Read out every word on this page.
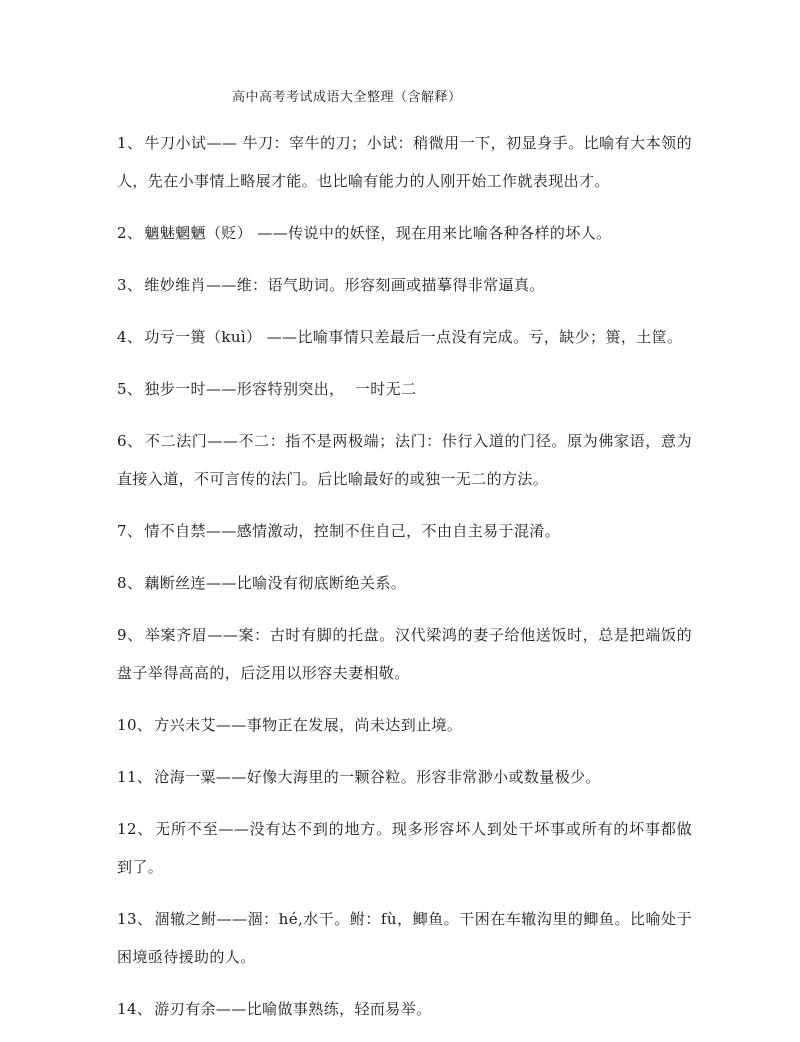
高中高考考试成语大全整理（含解释）

1、 牛刀小试—— 牛刀：宰牛的刀；小试：稍微用一下，初显身手。比喻有大本领的人，先在小事情上略展才能。也比喻有能力的人刚开始工作就表现出才。

2、 魑魅魍魉（贬） ——传说中的妖怪，现在用来比喻各种各样的坏人。

3、 维妙维肖——维：语气助词。形容刻画或描摹得非常逼真。

4、 功亏一篑（kuì） ——比喻事情只差最后一点没有完成。亏，缺少；篑，土筐。

5、 独步一时——形容特别突出，  一时无二

6、 不二法门——不二：指不是两极端；法门：佧行入道的门径。原为佛家语，意为直接入道，不可言传的法门。后比喻最好的或独一无二的方法。

7、 情不自禁——感情激动，控制不住自己，不由自主易于混淆。

8、 藕断丝连——比喻没有彻底断绝关系。

9、 举案齐眉——案：古时有脚的托盘。汉代梁鸿的妻子给他送饭时，总是把端饭的盘子举得高高的，后泛用以形容夫妻相敬。

10、 方兴未艾——事物正在发展，尚未达到止境。

11、 沧海一粟——好像大海里的一颗谷粒。形容非常渺小或数量极少。

12、 无所不至——没有达不到的地方。现多形容坏人到处干坏事或所有的坏事都做到了。

13、 涸辙之鲋——涸：hé,水干。鲋：fù，鲫鱼。干困在车辙沟里的鲫鱼。比喻处于困境亟待援助的人。

14、 游刃有余——比喻做事熟练，轻而易举。
